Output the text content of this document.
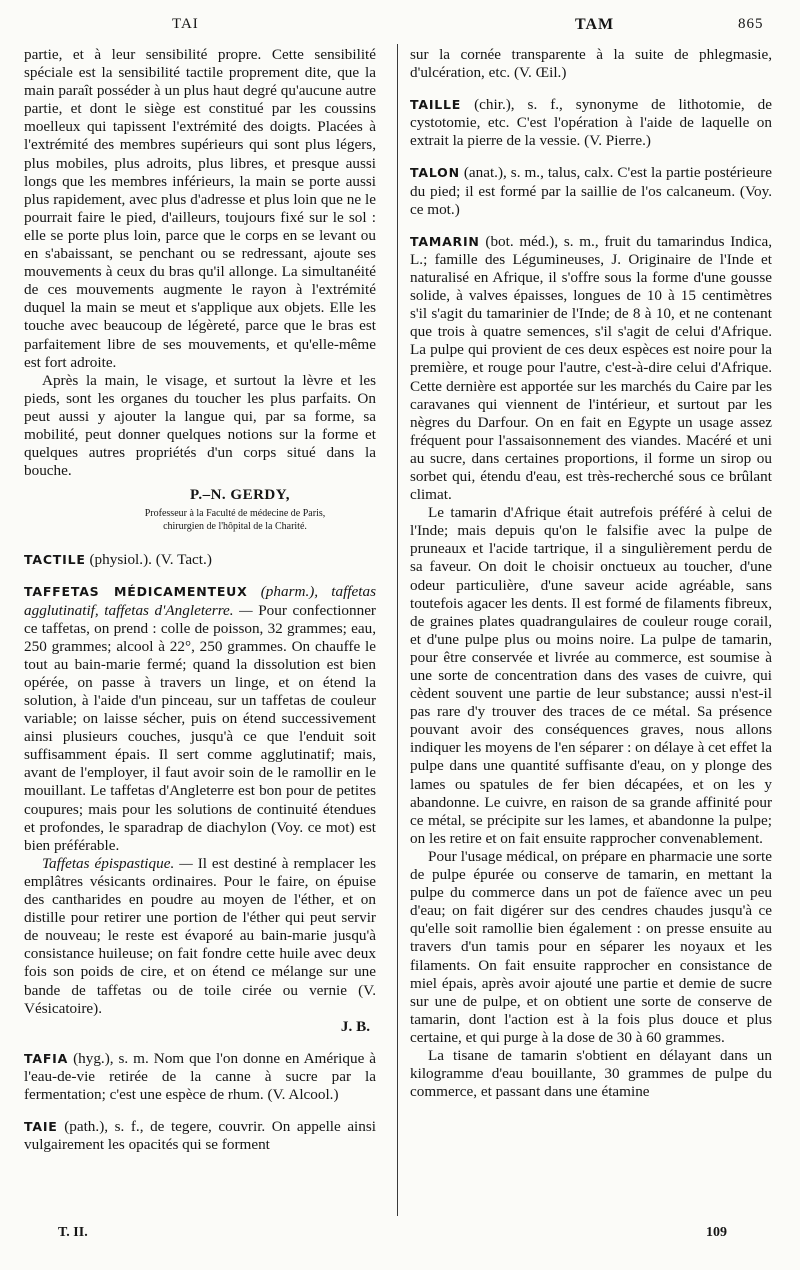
TAI	TAM	865

partie, et à leur sensibilité propre. Cette sensibilité spéciale est la sensibilité tactile proprement dite, que la main paraît posséder à un plus haut degré qu'aucune autre partie, et dont le siège est constitué par les coussins moelleux qui tapissent l'extrémité des doigts. Placées à l'extrémité des membres supérieurs qui sont plus légers, plus mobiles, plus adroits, plus libres, et presque aussi longs que les membres inférieurs, la main se porte aussi plus rapidement, avec plus d'adresse et plus loin que ne le pourrait faire le pied, d'ailleurs, toujours fixé sur le sol : elle se porte plus loin, parce que le corps en se levant ou en s'abaissant, se penchant ou se redressant, ajoute ses mouvements à ceux du bras qu'il allonge. La simultanéité de ces mouvements augmente le rayon à l'extrémité duquel la main se meut et s'applique aux objets. Elle les touche avec beaucoup de légèreté, parce que le bras est parfaitement libre de ses mouvements, et qu'elle-même est fort adroite.

Après la main, le visage, et surtout la lèvre et les pieds, sont les organes du toucher les plus parfaits. On peut aussi y ajouter la langue qui, par sa forme, sa mobilité, peut donner quelques notions sur la forme et quelques autres propriétés d'un corps situé dans la bouche.

P.–N. GERDY,
Professeur à la Faculté de médecine de Paris,
chirurgien de l'hôpital de la Charité.

TACTILE (physiol.). (V. Tact.)

TAFFETAS MÉDICAMENTEUX (pharm.), taffetas agglutinatif, taffetas d'Angleterre. — Pour confectionner ce taffetas, on prend : colle de poisson, 32 grammes; eau, 250 grammes; alcool à 22°, 250 grammes. On chauffe le tout au bain-marie fermé; quand la dissolution est bien opérée, on passe à travers un linge, et on étend la solution, à l'aide d'un pinceau, sur un taffetas de couleur variable; on laisse sécher, puis on étend successivement ainsi plusieurs couches, jusqu'à ce que l'enduit soit suffisamment épais. Il sert comme agglutinatif; mais, avant de l'employer, il faut avoir soin de le ramollir en le mouillant. Le taffetas d'Angleterre est bon pour de petites coupures; mais pour les solutions de continuité étendues et profondes, le sparadrap de diachylon (Voy. ce mot) est bien préférable.

Taffetas épispastique. — Il est destiné à remplacer les emplâtres vésicants ordinaires. Pour le faire, on épuise des cantharides en poudre au moyen de l'éther, et on distille pour retirer une portion de l'éther qui peut servir de nouveau; le reste est évaporé au bain-marie jusqu'à consistance huileuse; on fait fondre cette huile avec deux fois son poids de cire, et on étend ce mélange sur une bande de taffetas ou de toile cirée ou vernie (V. Vésicatoire).

J. B.

TAFIA (hyg.), s. m. Nom que l'on donne en Amérique à l'eau-de-vie retirée de la canne à sucre par la fermentation; c'est une espèce de rhum. (V. Alcool.)

TAIE (path.), s. f., de tegere, couvrir. On appelle ainsi vulgairement les opacités qui se forment

sur la cornée transparente à la suite de phlegmasie, d'ulcération, etc. (V. Œil.)

TAILLE (chir.), s. f., synonyme de lithotomie, de cystotomie, etc. C'est l'opération à l'aide de laquelle on extrait la pierre de la vessie. (V. Pierre.)

TALON (anat.), s. m., talus, calx. C'est la partie postérieure du pied; il est formé par la saillie de l'os calcaneum. (Voy. ce mot.)

TAMARIN (bot. méd.), s. m., fruit du tamarindus Indica, L.; famille des Légumineuses, J. Originaire de l'Inde et naturalisé en Afrique, il s'offre sous la forme d'une gousse solide, à valves épaisses, longues de 10 à 15 centimètres s'il s'agit du tamarinier de l'Inde; de 8 à 10, et ne contenant que trois à quatre semences, s'il s'agit de celui d'Afrique. La pulpe qui provient de ces deux espèces est noire pour la première, et rouge pour l'autre, c'est-à-dire celui d'Afrique. Cette dernière est apportée sur les marchés du Caire par les caravanes qui viennent de l'intérieur, et surtout par les nègres du Darfour. On en fait en Egypte un usage assez fréquent pour l'assaisonnement des viandes. Macéré et uni au sucre, dans certaines proportions, il forme un sirop ou sorbet qui, étendu d'eau, est très-recherché sous ce brûlant climat.

Le tamarin d'Afrique était autrefois préféré à celui de l'Inde; mais depuis qu'on le falsifie avec la pulpe de pruneaux et l'acide tartrique, il a singulièrement perdu de sa faveur. On doit le choisir onctueux au toucher, d'une odeur particulière, d'une saveur acide agréable, sans toutefois agacer les dents. Il est formé de filaments fibreux, de graines plates quadrangulaires de couleur rouge corail, et d'une pulpe plus ou moins noire. La pulpe de tamarin, pour être conservée et livrée au commerce, est soumise à une sorte de concentration dans des vases de cuivre, qui cèdent souvent une partie de leur substance; aussi n'est-il pas rare d'y trouver des traces de ce métal. Sa présence pouvant avoir des conséquences graves, nous allons indiquer les moyens de l'en séparer : on délaye à cet effet la pulpe dans une quantité suffisante d'eau, on y plonge des lames ou spatules de fer bien décapées, et on les y abandonne. Le cuivre, en raison de sa grande affinité pour ce métal, se précipite sur les lames, et abandonne la pulpe; on les retire et on fait ensuite rapprocher convenablement.

Pour l'usage médical, on prépare en pharmacie une sorte de pulpe épurée ou conserve de tamarin, en mettant la pulpe du commerce dans un pot de faïence avec un peu d'eau; on fait digérer sur des cendres chaudes jusqu'à ce qu'elle soit ramollie bien également : on presse ensuite au travers d'un tamis pour en séparer les noyaux et les filaments. On fait ensuite rapprocher en consistance de miel épais, après avoir ajouté une partie et demie de sucre sur une de pulpe, et on obtient une sorte de conserve de tamarin, dont l'action est à la fois plus douce et plus certaine, et qui purge à la dose de 30 à 60 grammes.

La tisane de tamarin s'obtient en délayant dans un kilogramme d'eau bouillante, 30 grammes de pulpe du commerce, et passant dans une étamine

T. II.	109
